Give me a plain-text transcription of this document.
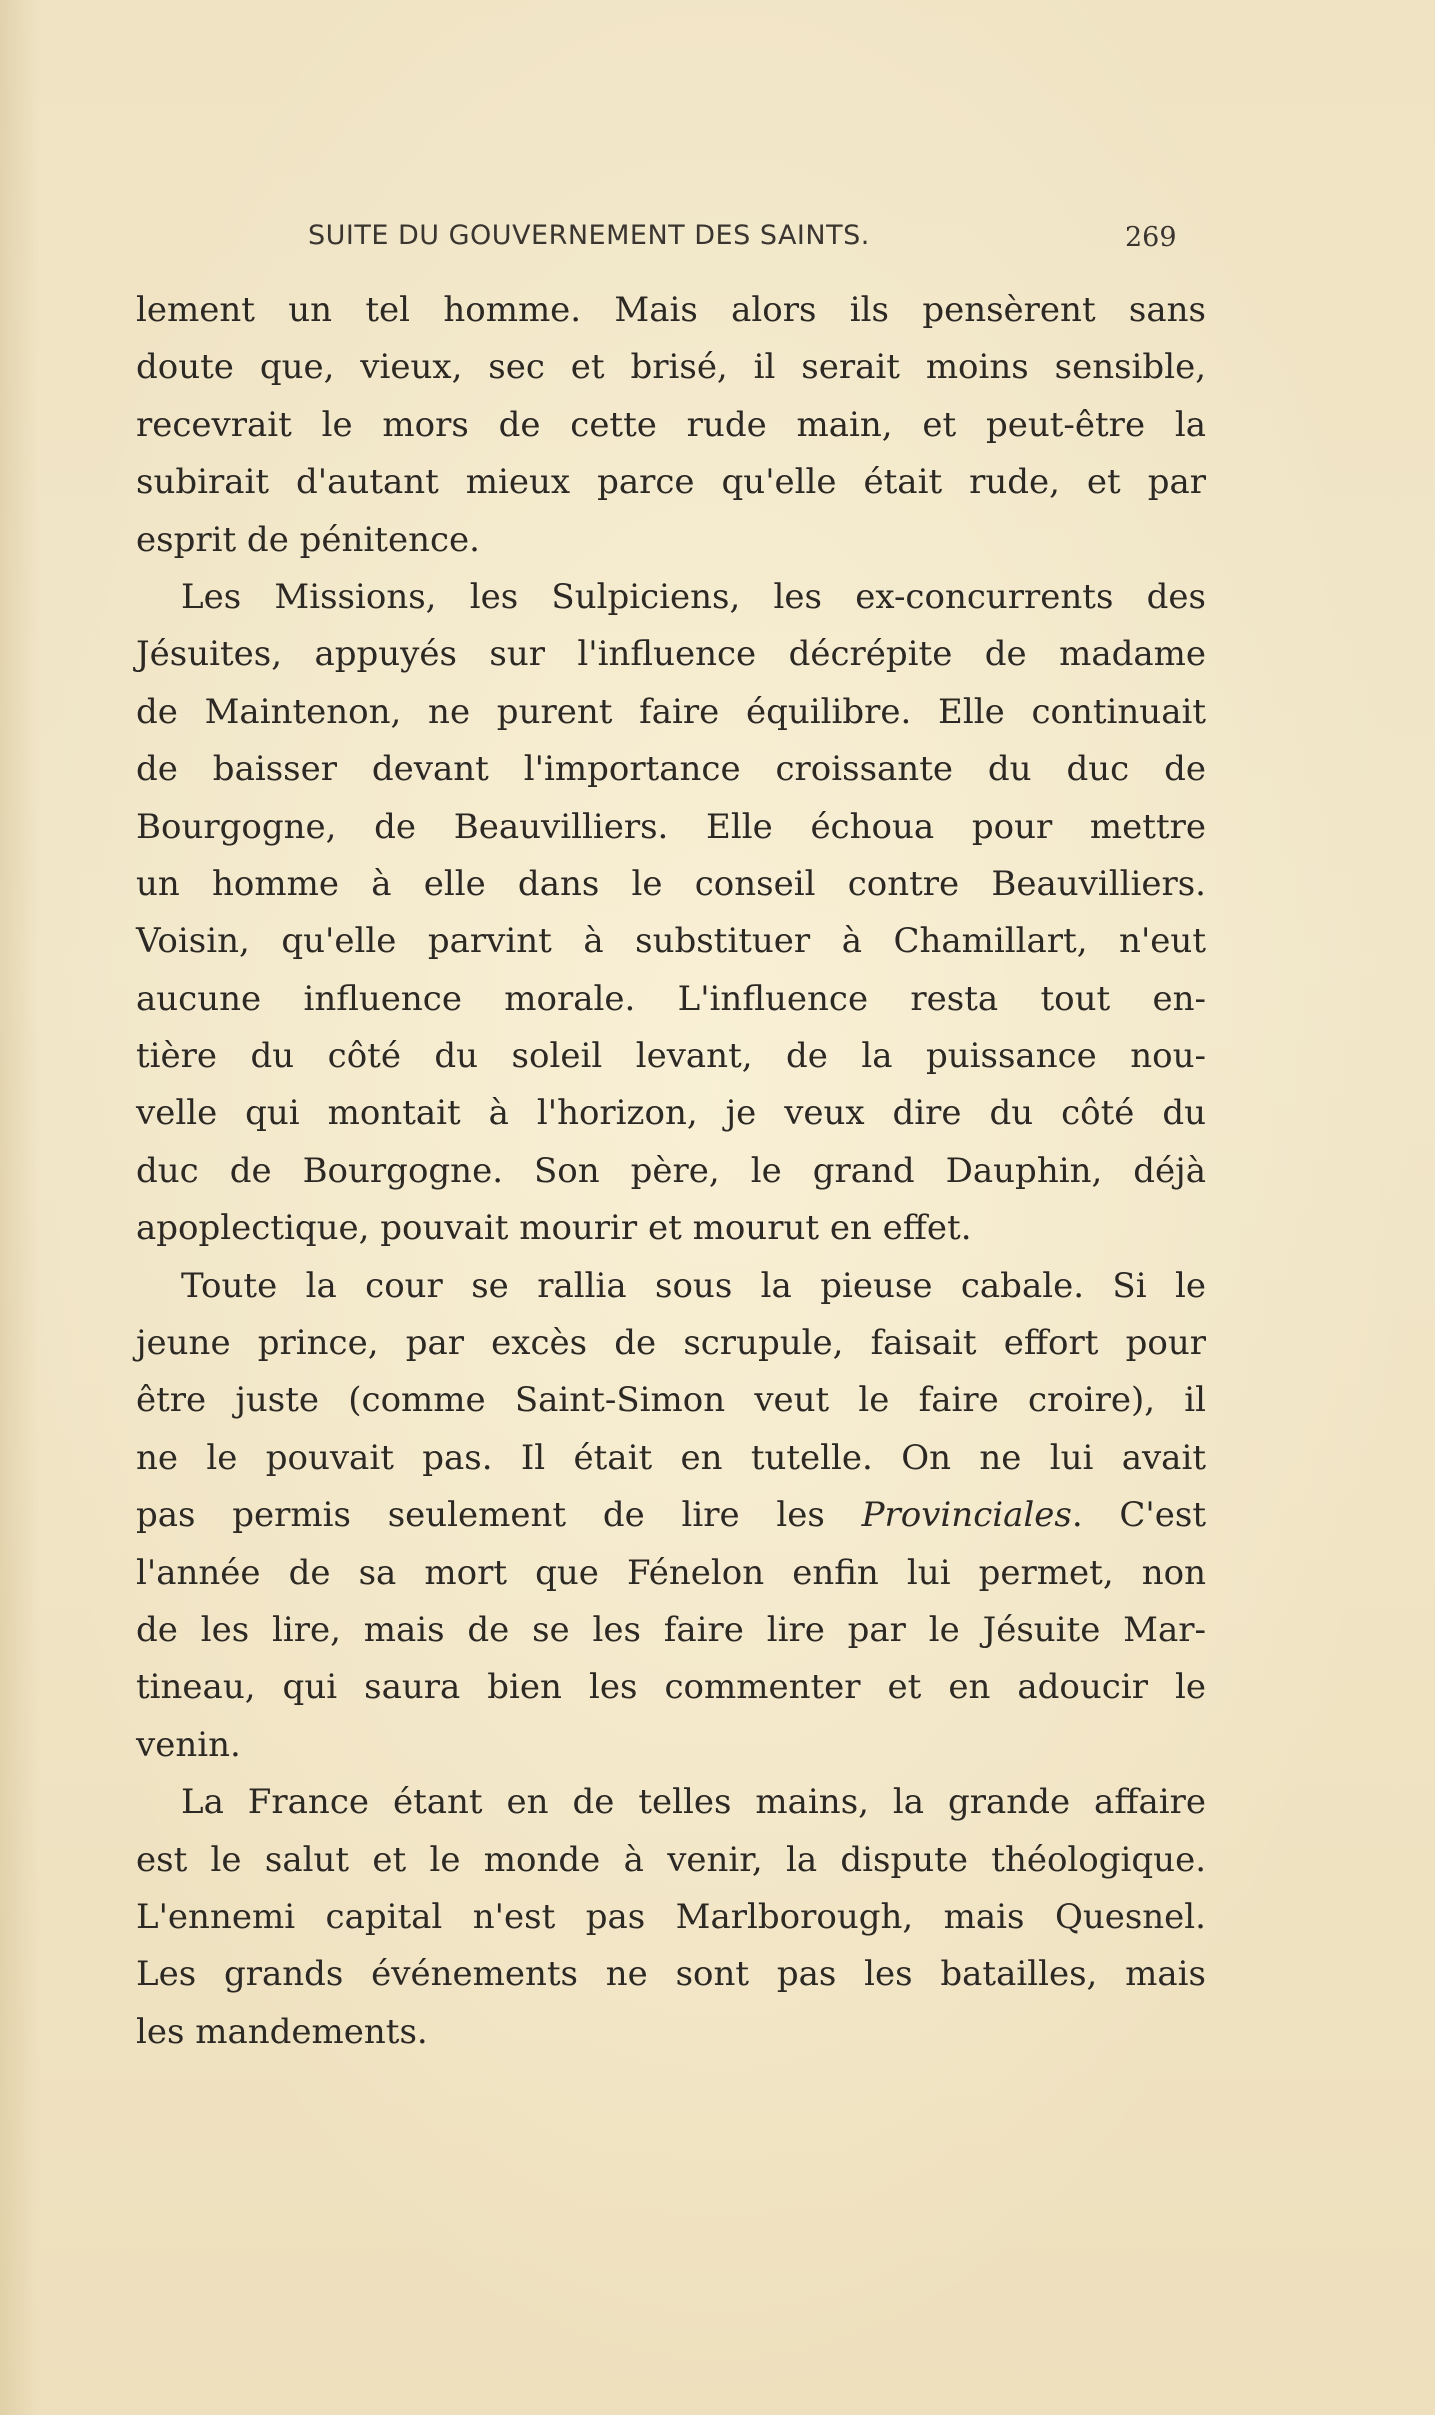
SUITE DU GOUVERNEMENT DES SAINTS.	269
lement un tel homme. Mais alors ils pensèrent sans
doute que, vieux, sec et brisé, il serait moins sensible,
recevrait le mors de cette rude main, et peut-être la
subirait d'autant mieux parce qu'elle était rude, et par
esprit de pénitence.
Les Missions, les Sulpiciens, les ex-concurrents des
Jésuites, appuyés sur l'influence décrépite de madame
de Maintenon, ne purent faire équilibre. Elle continuait
de baisser devant l'importance croissante du duc de
Bourgogne, de Beauvilliers. Elle échoua pour mettre
un homme à elle dans le conseil contre Beauvilliers.
Voisin, qu'elle parvint à substituer à Chamillart, n'eut
aucune influence morale. L'influence resta tout en-
tière du côté du soleil levant, de la puissance nou-
velle qui montait à l'horizon, je veux dire du côté du
duc de Bourgogne. Son père, le grand Dauphin, déjà
apoplectique, pouvait mourir et mourut en effet.
Toute la cour se rallia sous la pieuse cabale. Si le
jeune prince, par excès de scrupule, faisait effort pour
être juste (comme Saint-Simon veut le faire croire), il
ne le pouvait pas. Il était en tutelle. On ne lui avait
pas permis seulement de lire les Provinciales. C'est
l'année de sa mort que Fénelon enfin lui permet, non
de les lire, mais de se les faire lire par le Jésuite Mar-
tineau, qui saura bien les commenter et en adoucir le
venin.
La France étant en de telles mains, la grande affaire
est le salut et le monde à venir, la dispute théologique.
L'ennemi capital n'est pas Marlborough, mais Quesnel.
Les grands événements ne sont pas les batailles, mais
les mandements.
